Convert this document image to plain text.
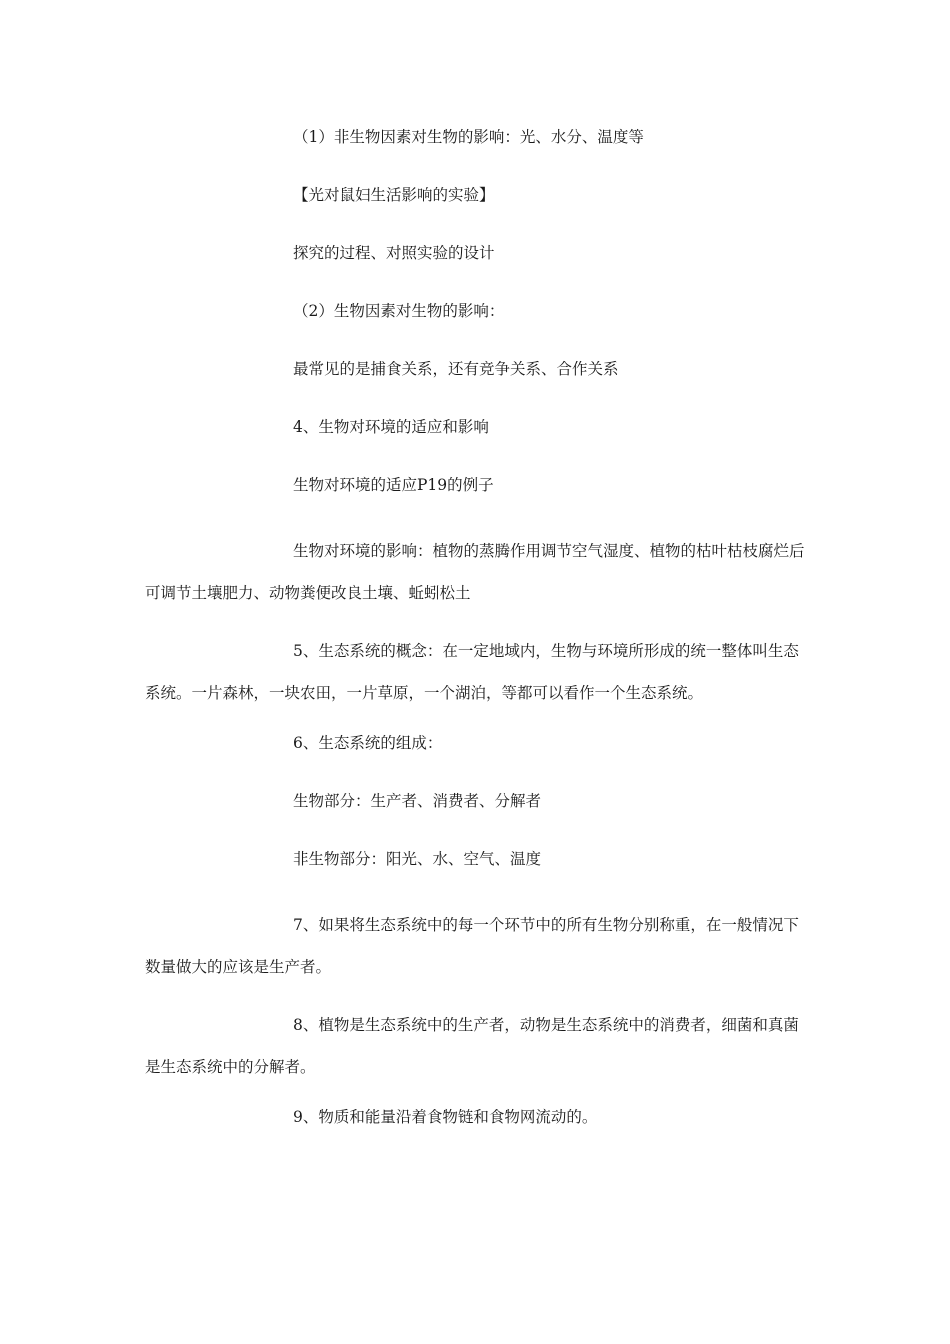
（1）非生物因素对生物的影响：光、水分、温度等

【光对鼠妇生活影响的实验】

探究的过程、对照实验的设计

（2）生物因素对生物的影响：

最常见的是捕食关系，还有竞争关系、合作关系

4、生物对环境的适应和影响

生物对环境的适应P19的例子

生物对环境的影响：植物的蒸腾作用调节空气湿度、植物的枯叶枯枝腐烂后可调节土壤肥力、动物粪便改良土壤、蚯蚓松土

5、生态系统的概念：在一定地域内，生物与环境所形成的统一整体叫生态系统。一片森林，一块农田，一片草原，一个湖泊，等都可以看作一个生态系统。

6、生态系统的组成：

生物部分：生产者、消费者、分解者

非生物部分：阳光、水、空气、温度

7、如果将生态系统中的每一个环节中的所有生物分别称重，在一般情况下数量做大的应该是生产者。

8、植物是生态系统中的生产者，动物是生态系统中的消费者，细菌和真菌是生态系统中的分解者。

9、物质和能量沿着食物链和食物网流动的。
